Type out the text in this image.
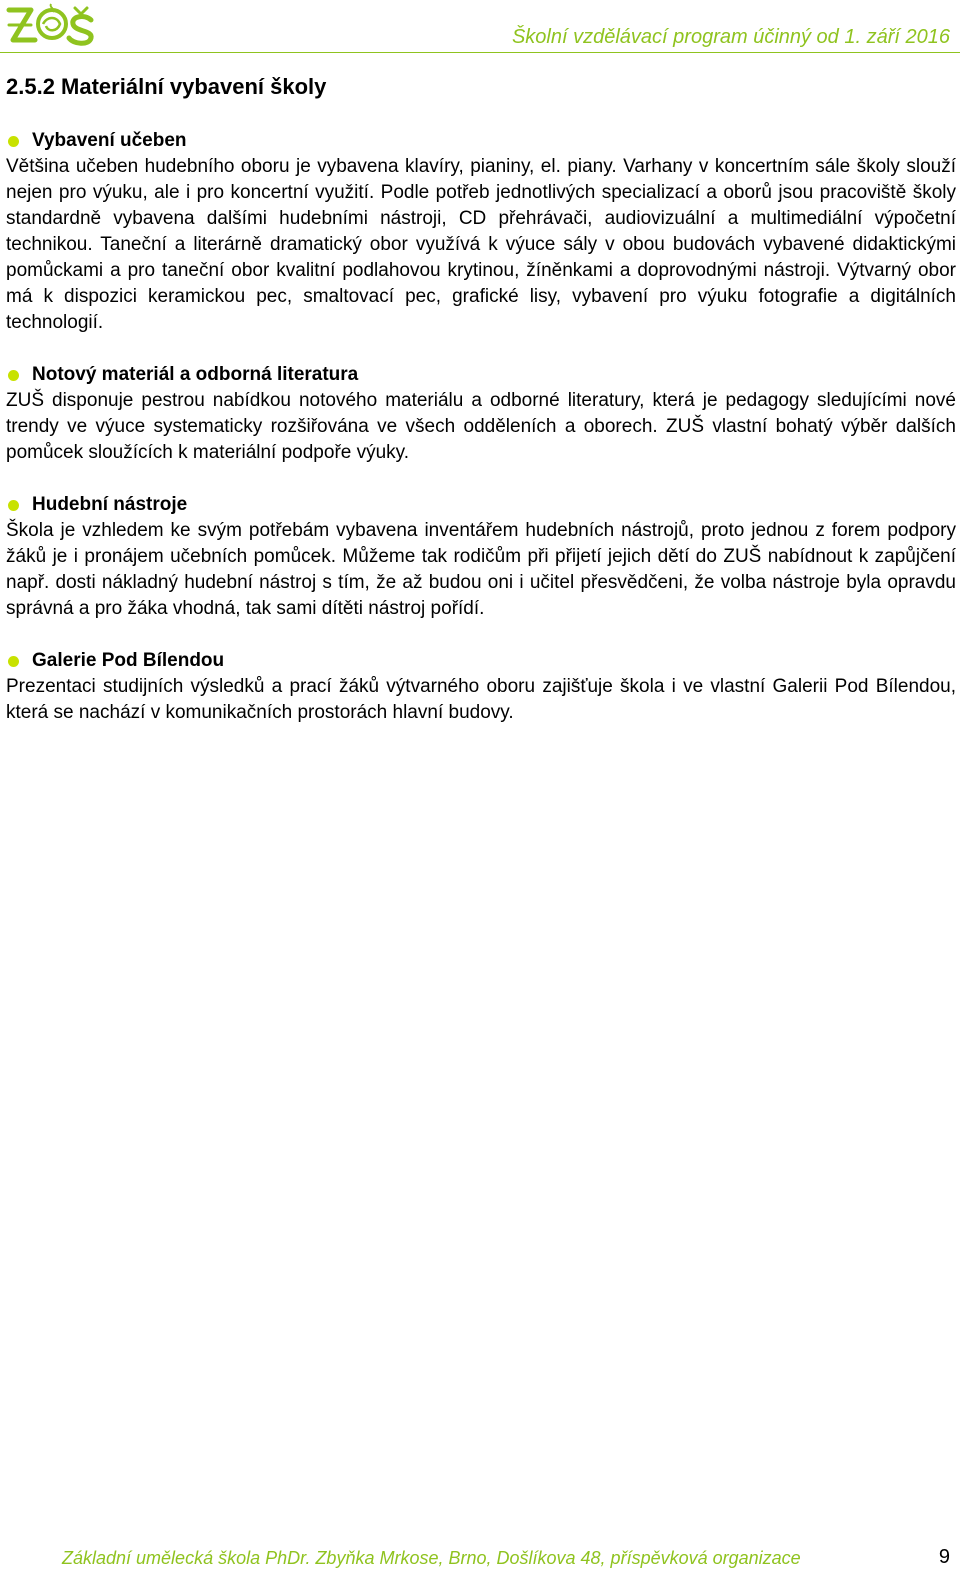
Školní vzdělávací program účinný od 1. září 2016
2.5.2 Materiální vybavení školy
Vybavení učeben

Většina učeben hudebního oboru je vybavena klavíry, pianiny, el. piany. Varhany v koncertním sále školy slouží nejen pro výuku, ale i pro koncertní využití. Podle potřeb jednotlivých specializací a oborů jsou pracoviště školy standardně vybavena dalšími hudebními nástroji, CD přehrávači, audiovizuální a multimediální výpočetní technikou. Taneční a literárně dramatický obor využívá k výuce sály v obou budovách vybavené didaktickými pomůckami a pro taneční obor kvalitní podlahovou krytinou, žíněnkami a doprovodnými nástroji. Výtvarný obor má k dispozici keramickou pec, smaltovací pec, grafické lisy, vybavení pro výuku fotografie a digitálních technologií.

Notový materiál a odborná literatura

ZUŠ disponuje pestrou nabídkou notového materiálu a odborné literatury, která je pedagogy sledujícími nové trendy ve výuce systematicky rozšiřována ve všech odděleních a oborech. ZUŠ vlastní bohatý výběr dalších pomůcek sloužících k materiální podpoře výuky.

Hudební nástroje

Škola je vzhledem ke svým potřebám vybavena inventářem hudebních nástrojů, proto jednou z forem podpory žáků je i pronájem učebních pomůcek. Můžeme tak rodičům při přijetí jejich dětí do ZUŠ nabídnout k zapůjčení např. dosti nákladný hudební nástroj s tím, že až budou oni i učitel přesvědčeni, že volba nástroje byla opravdu správná a pro žáka vhodná, tak sami dítěti nástroj pořídí.

Galerie Pod Bílendou

Prezentaci studijních výsledků a prací žáků výtvarného oboru zajišťuje škola i ve vlastní Galerii Pod Bílendou, která se nachází v komunikačních prostorách hlavní budovy.

Základní umělecká škola PhDr. Zbyňka Mrkose, Brno, Došlíkova 48, příspěvková organizace	9
